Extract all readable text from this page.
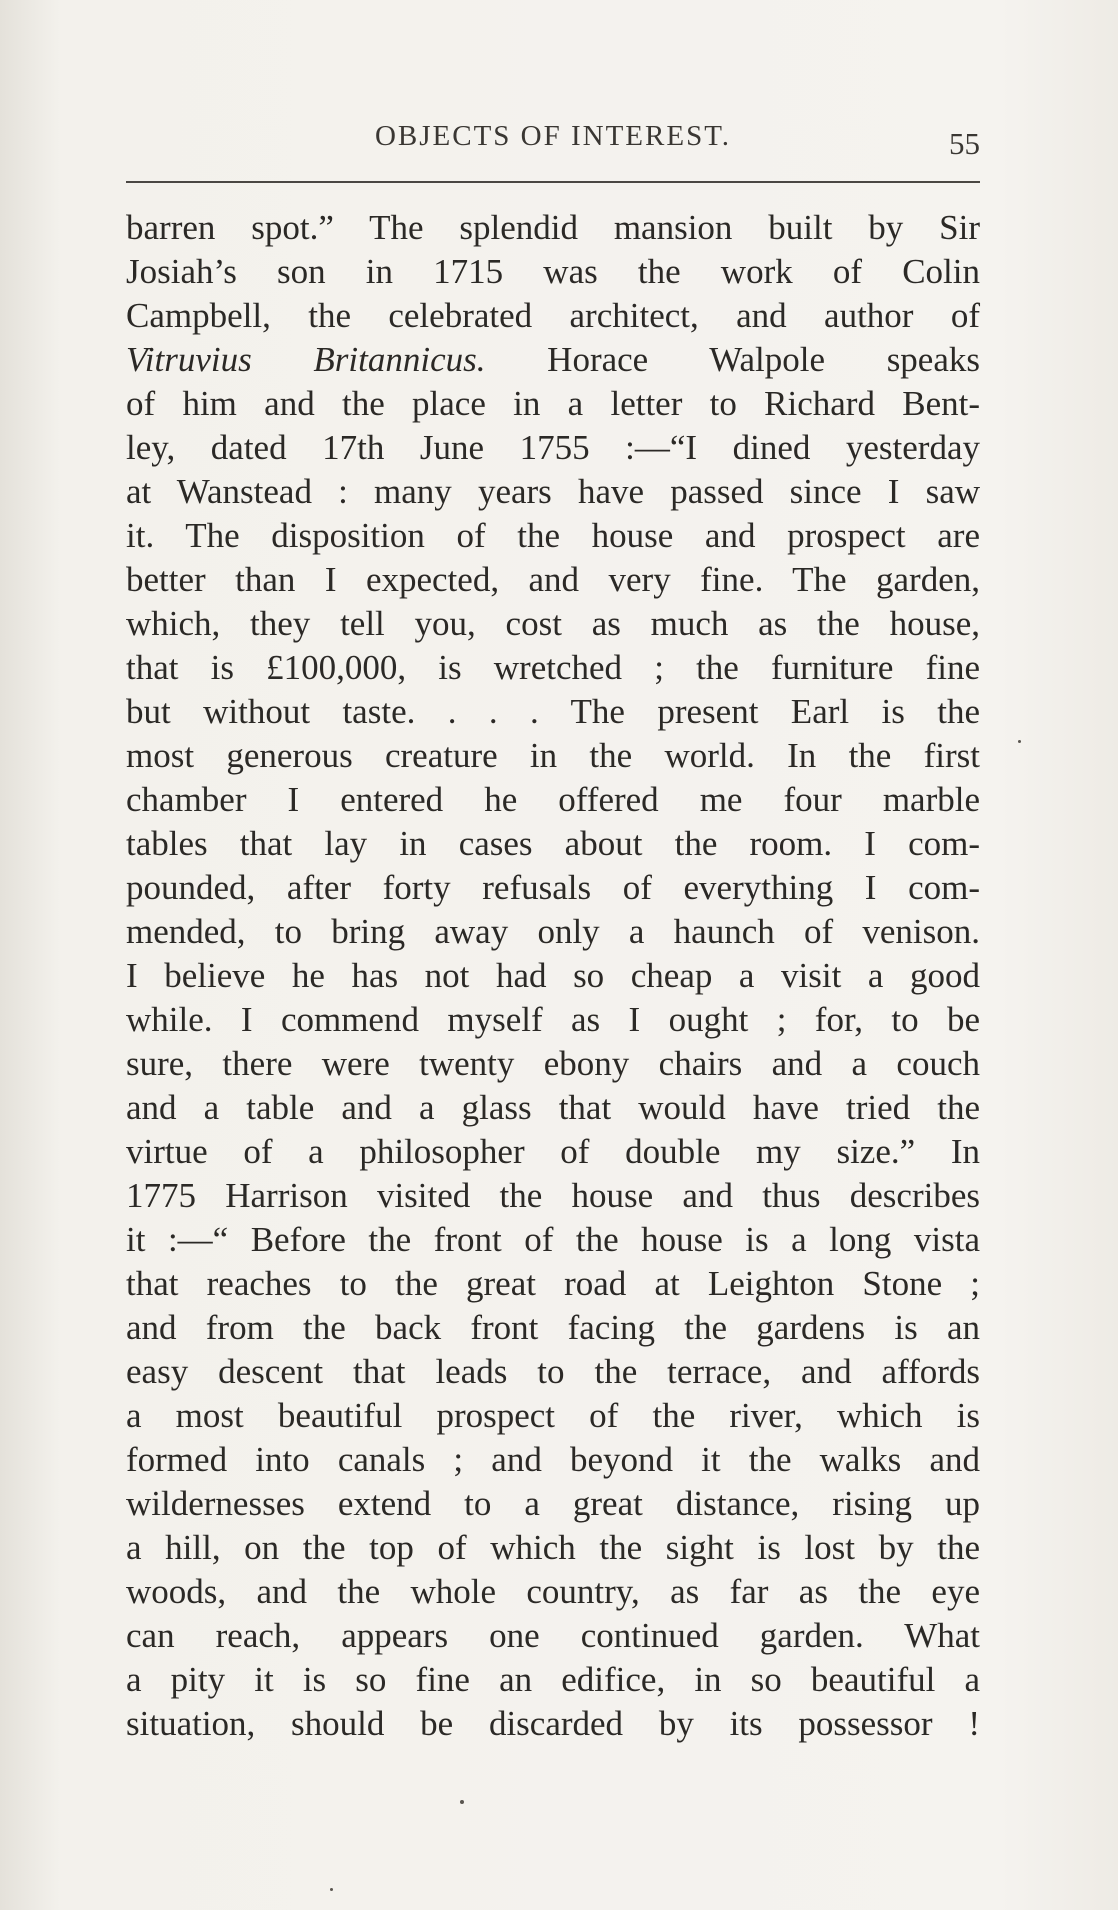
OBJECTS OF INTEREST.	55
barren spot.” The splendid mansion built by Sir
Josiah’s son in 1715 was the work of Colin
Campbell, the celebrated architect, and author of
Vitruvius Britannicus. Horace Walpole speaks
of him and the place in a letter to Richard Bent-
ley, dated 17th June 1755 :—“I dined yesterday
at Wanstead : many years have passed since I saw
it. The disposition of the house and prospect are
better than I expected, and very fine. The garden,
which, they tell you, cost as much as the house,
that is £100,000, is wretched ; the furniture fine
but without taste. . . . The present Earl is the
most generous creature in the world. In the first
chamber I entered he offered me four marble
tables that lay in cases about the room. I com-
pounded, after forty refusals of everything I com-
mended, to bring away only a haunch of venison.
I believe he has not had so cheap a visit a good
while. I commend myself as I ought ; for, to be
sure, there were twenty ebony chairs and a couch
and a table and a glass that would have tried the
virtue of a philosopher of double my size.” In
1775 Harrison visited the house and thus describes
it :—“ Before the front of the house is a long vista
that reaches to the great road at Leighton Stone ;
and from the back front facing the gardens is an
easy descent that leads to the terrace, and affords
a most beautiful prospect of the river, which is
formed into canals ; and beyond it the walks and
wildernesses extend to a great distance, rising up
a hill, on the top of which the sight is lost by the
woods, and the whole country, as far as the eye
can reach, appears one continued garden. What
a pity it is so fine an edifice, in so beautiful a
situation, should be discarded by its possessor !
